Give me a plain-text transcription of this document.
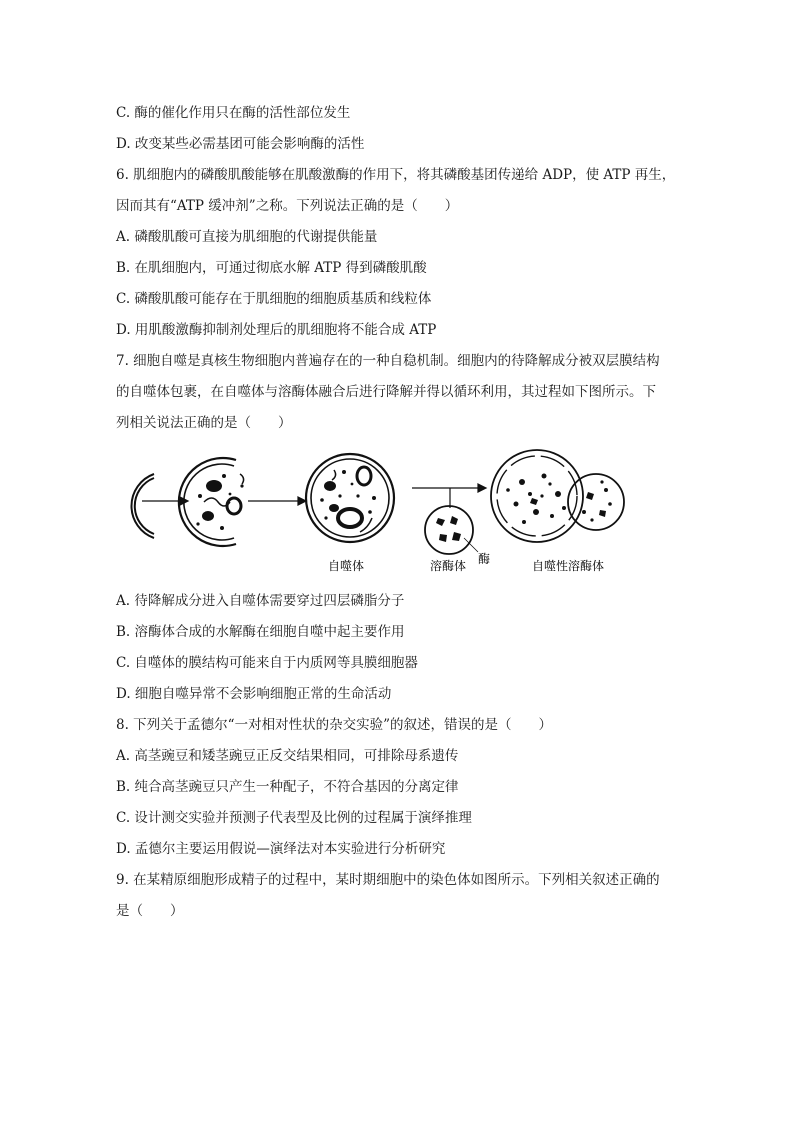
C. 酶的催化作用只在酶的活性部位发生
D. 改变某些必需基团可能会影响酶的活性
6. 肌细胞内的磷酸肌酸能够在肌酸激酶的作用下，将其磷酸基团传递给 ADP，使 ATP 再生，
因而其有“ATP 缓冲剂”之称。下列说法正确的是（　　）
A. 磷酸肌酸可直接为肌细胞的代谢提供能量
B. 在肌细胞内，可通过彻底水解 ATP 得到磷酸肌酸
C. 磷酸肌酸可能存在于肌细胞的细胞质基质和线粒体
D. 用肌酸激酶抑制剂处理后的肌细胞将不能合成 ATP
7. 细胞自噬是真核生物细胞内普遍存在的一种自稳机制。细胞内的待降解成分被双层膜结构
的自噬体包裹，在自噬体与溶酶体融合后进行降解并得以循环利用，其过程如下图所示。下
列相关说法正确的是（　　）
自噬体	溶酶体 酶	自噬性溶酶体
A. 待降解成分进入自噬体需要穿过四层磷脂分子
B. 溶酶体合成的水解酶在细胞自噬中起主要作用
C. 自噬体的膜结构可能来自于内质网等具膜细胞器
D. 细胞自噬异常不会影响细胞正常的生命活动
8. 下列关于孟德尔“一对相对性状的杂交实验”的叙述，错误的是（　　）
A. 高茎豌豆和矮茎豌豆正反交结果相同，可排除母系遗传
B. 纯合高茎豌豆只产生一种配子，不符合基因的分离定律
C. 设计测交实验并预测子代表型及比例的过程属于演绎推理
D. 孟德尔主要运用假说—演绎法对本实验进行分析研究
9. 在某精原细胞形成精子的过程中，某时期细胞中的染色体如图所示。下列相关叙述正确的
是（　　）
